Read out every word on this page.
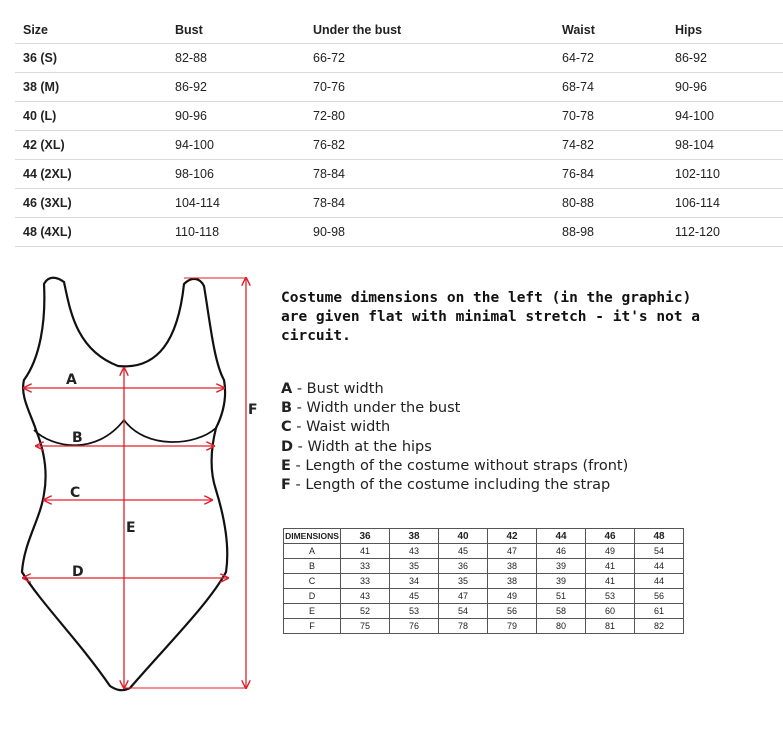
Size	Bust	Under the bust	Waist	Hips
36 (S)	82-88	66-72	64-72	86-92
38 (M)	86-92	70-76	68-74	90-96
40 (L)	90-96	72-80	70-78	94-100
42 (XL)	94-100	76-82	74-82	98-104
44 (2XL)	98-106	78-84	76-84	102-110
46 (3XL)	104-114	78-84	80-88	106-114
48 (4XL)	110-118	90-98	88-98	112-120
A
B
C
D
E
F

Costume dimensions on the left (in the graphic)
are given flat with minimal stretch - it's not a
circuit.

A - Bust width
B - Width under the bust
C - Waist width
D - Width at the hips
E - Length of the costume without straps (front)
F - Length of the costume including the strap
DIMENSIONS	36	38	40	42	44	46	48
A	41	43	45	47	46	49	54
B	33	35	36	38	39	41	44
C	33	34	35	38	39	41	44
D	43	45	47	49	51	53	56
E	52	53	54	56	58	60	61
F	75	76	78	79	80	81	82
